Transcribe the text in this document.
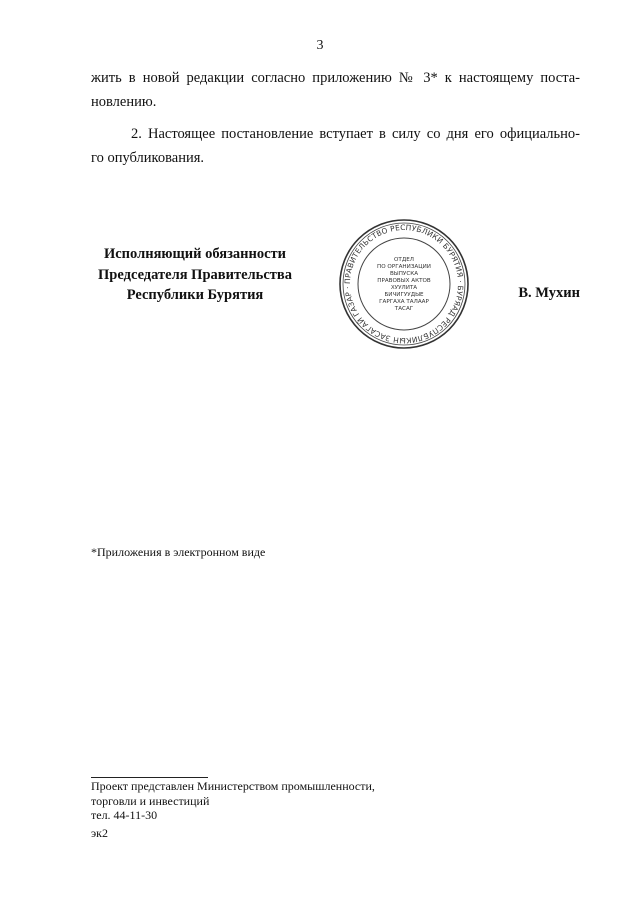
3
жить в новой редакции согласно приложению № 3* к настоящему поста-
новлению.
2. Настоящее постановление вступает в силу со дня его официально-
го опубликования.
Исполняющий обязанности
Председателя Правительства
Республики Бурятия
ПРАВИТЕЛЬСТВО РЕСПУБЛИКИ БУРЯТИЯ · БУРЯАД РЕСПУБЛИКЫН ЗАСАГАЙ ГАЗАР ·
ОТДЕЛ
ПО ОРГАНИЗАЦИИ
ВЫПУСКА
ПРАВОВЫХ АКТОВ
ХУУЛИТА
БИЧИГУУДЫЕ
ГАРГАХА ТАЛААР
ТАСАГ
В. Мухин
*Приложения в электронном виде
Проект представлен Министерством промышленности,
торговли и инвестиций
тел. 44-11-30
эк2
